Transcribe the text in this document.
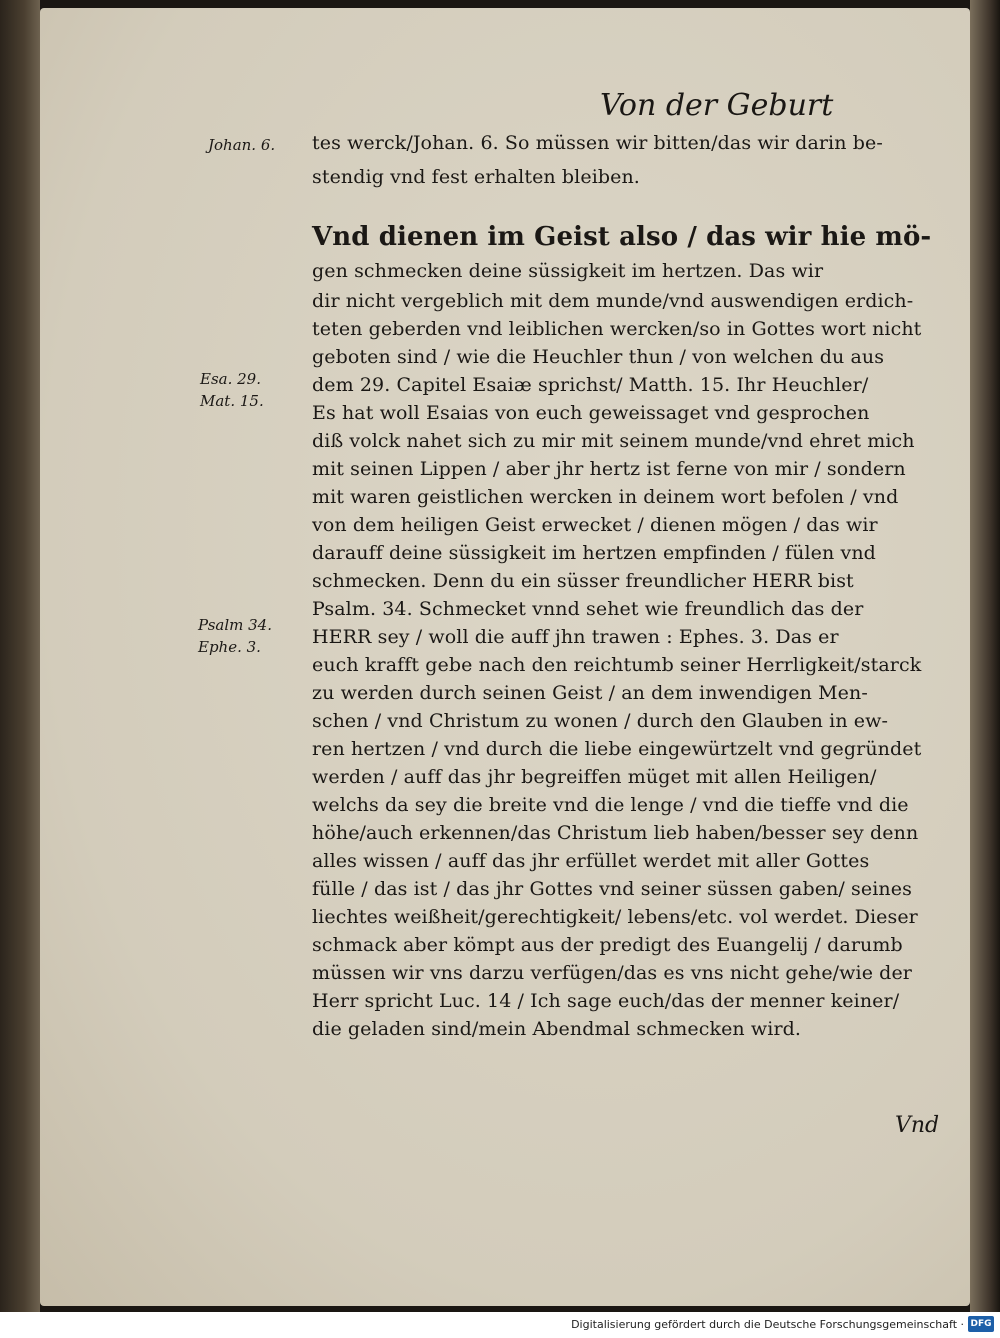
Von der Geburt
Johan. 6.
Esa. 29.
Mat. 15.
Psalm 34.
Ephe. 3.
Vnd
tes werck/Johan. 6. So müssen wir bitten/das wir darin be-
stendig vnd fest erhalten bleiben.
Vnd dienen im Geist also / das wir hie mö-
gen schmecken deine süssigkeit im hertzen. Das wir
dir nicht vergeblich mit dem munde/vnd auswendigen erdich-
teten geberden vnd leiblichen wercken/so in Gottes wort nicht
geboten sind / wie die Heuchler thun / von welchen du aus
dem 29. Capitel Esaiæ sprichst/ Matth. 15. Ihr Heuchler/
Es hat woll Esaias von euch geweissaget vnd gesprochen
diß volck nahet sich zu mir mit seinem munde/vnd ehret mich
mit seinen Lippen / aber jhr hertz ist ferne von mir / sondern
mit waren geistlichen wercken in deinem wort befolen / vnd
von dem heiligen Geist erwecket / dienen mögen / das wir
darauff deine süssigkeit im hertzen empfinden / fülen vnd
schmecken. Denn du ein süsser freundlicher HERR bist
Psalm. 34. Schmecket vnnd sehet wie freundlich das der
HERR sey / woll die auff jhn trawen : Ephes. 3. Das er
euch krafft gebe nach den reichtumb seiner Herrligkeit/starck
zu werden durch seinen Geist / an dem inwendigen Men-
schen / vnd Christum zu wonen / durch den Glauben in ew-
ren hertzen / vnd durch die liebe eingewürtzelt vnd gegründet
werden / auff das jhr begreiffen müget mit allen Heiligen/
welchs da sey die breite vnd die lenge / vnd die tieffe vnd die
höhe/auch erkennen/das Christum lieb haben/besser sey denn
alles wissen / auff das jhr erfüllet werdet mit aller Gottes
fülle / das ist / das jhr Gottes vnd seiner süssen gaben/ seines
liechtes weißheit/gerechtigkeit/ lebens/etc. vol werdet. Dieser
schmack aber kömpt aus der predigt des Euangelij / darumb
müssen wir vns darzu verfügen/das es vns nicht gehe/wie der
Herr spricht Luc. 14 / Ich sage euch/das der menner keiner/
die geladen sind/mein Abendmal schmecken wird.
Digitalisierung gefördert durch die Deutsche Forschungsgemeinschaft · DFG
